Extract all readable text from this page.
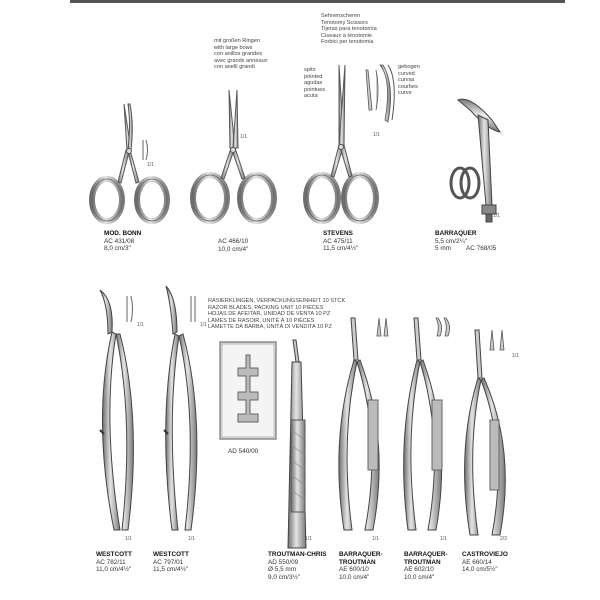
mit großen Ringen
with large bows
con anillos grandes
avec grands anneaux
con anelli grandi
Sehnenscheren
Tenotomy Scissors
Tijeras para tenotomía
Ciseaux à ténotomie
Forbici per tenotomia
spitz
pointed
agudas
pointues
acuta
gebogen
curved
curvas
courbes
curve
RASIERKLINGEN, VERPACKUNGSEINHEIT 10 STCK
RAZOR BLADES, PACKING UNIT 10 PIECES
HOJAS DE AFEITAR, UNIDAD DE VENTA 10 PZ
LAMES DE RASOIR, UNITÉ À 10 PIÈCES
LAMETTE DA BARBA, UNITÀ DI VENDITA 10 PZ
1/1
1/1	1/1
1/1
1/1	1/1
1/1	1/1	1/1	1/1	1/1
1/1
2/3
MOD. BONN
AC 431/08
8,0 cm/3"
AC 466/10
10,0 cm/4"
STEVENS
AC 475/11
11,5 cm/4½"
BARRAQUER
5,5 cm/2¼"
5 mm AC 768/05
AD 540/00
WESTCOTT
AC 782/11
11,0 cm/4½"
WESTCOTT
AC 797/01
11,5 cm/4½"
TROUTMAN-CHRIS
AD 550/09
Ø 5,5 mm
9,0 cm/3½"
BARRAQUER-
TROUTMAN
AE 600/10
10,0 cm/4"
BARRAQUER-
TROUTMAN
AE 602/10
10,0 cm/4"
CASTROVIEJO
AE 660/14
14,0 cm/5½"
